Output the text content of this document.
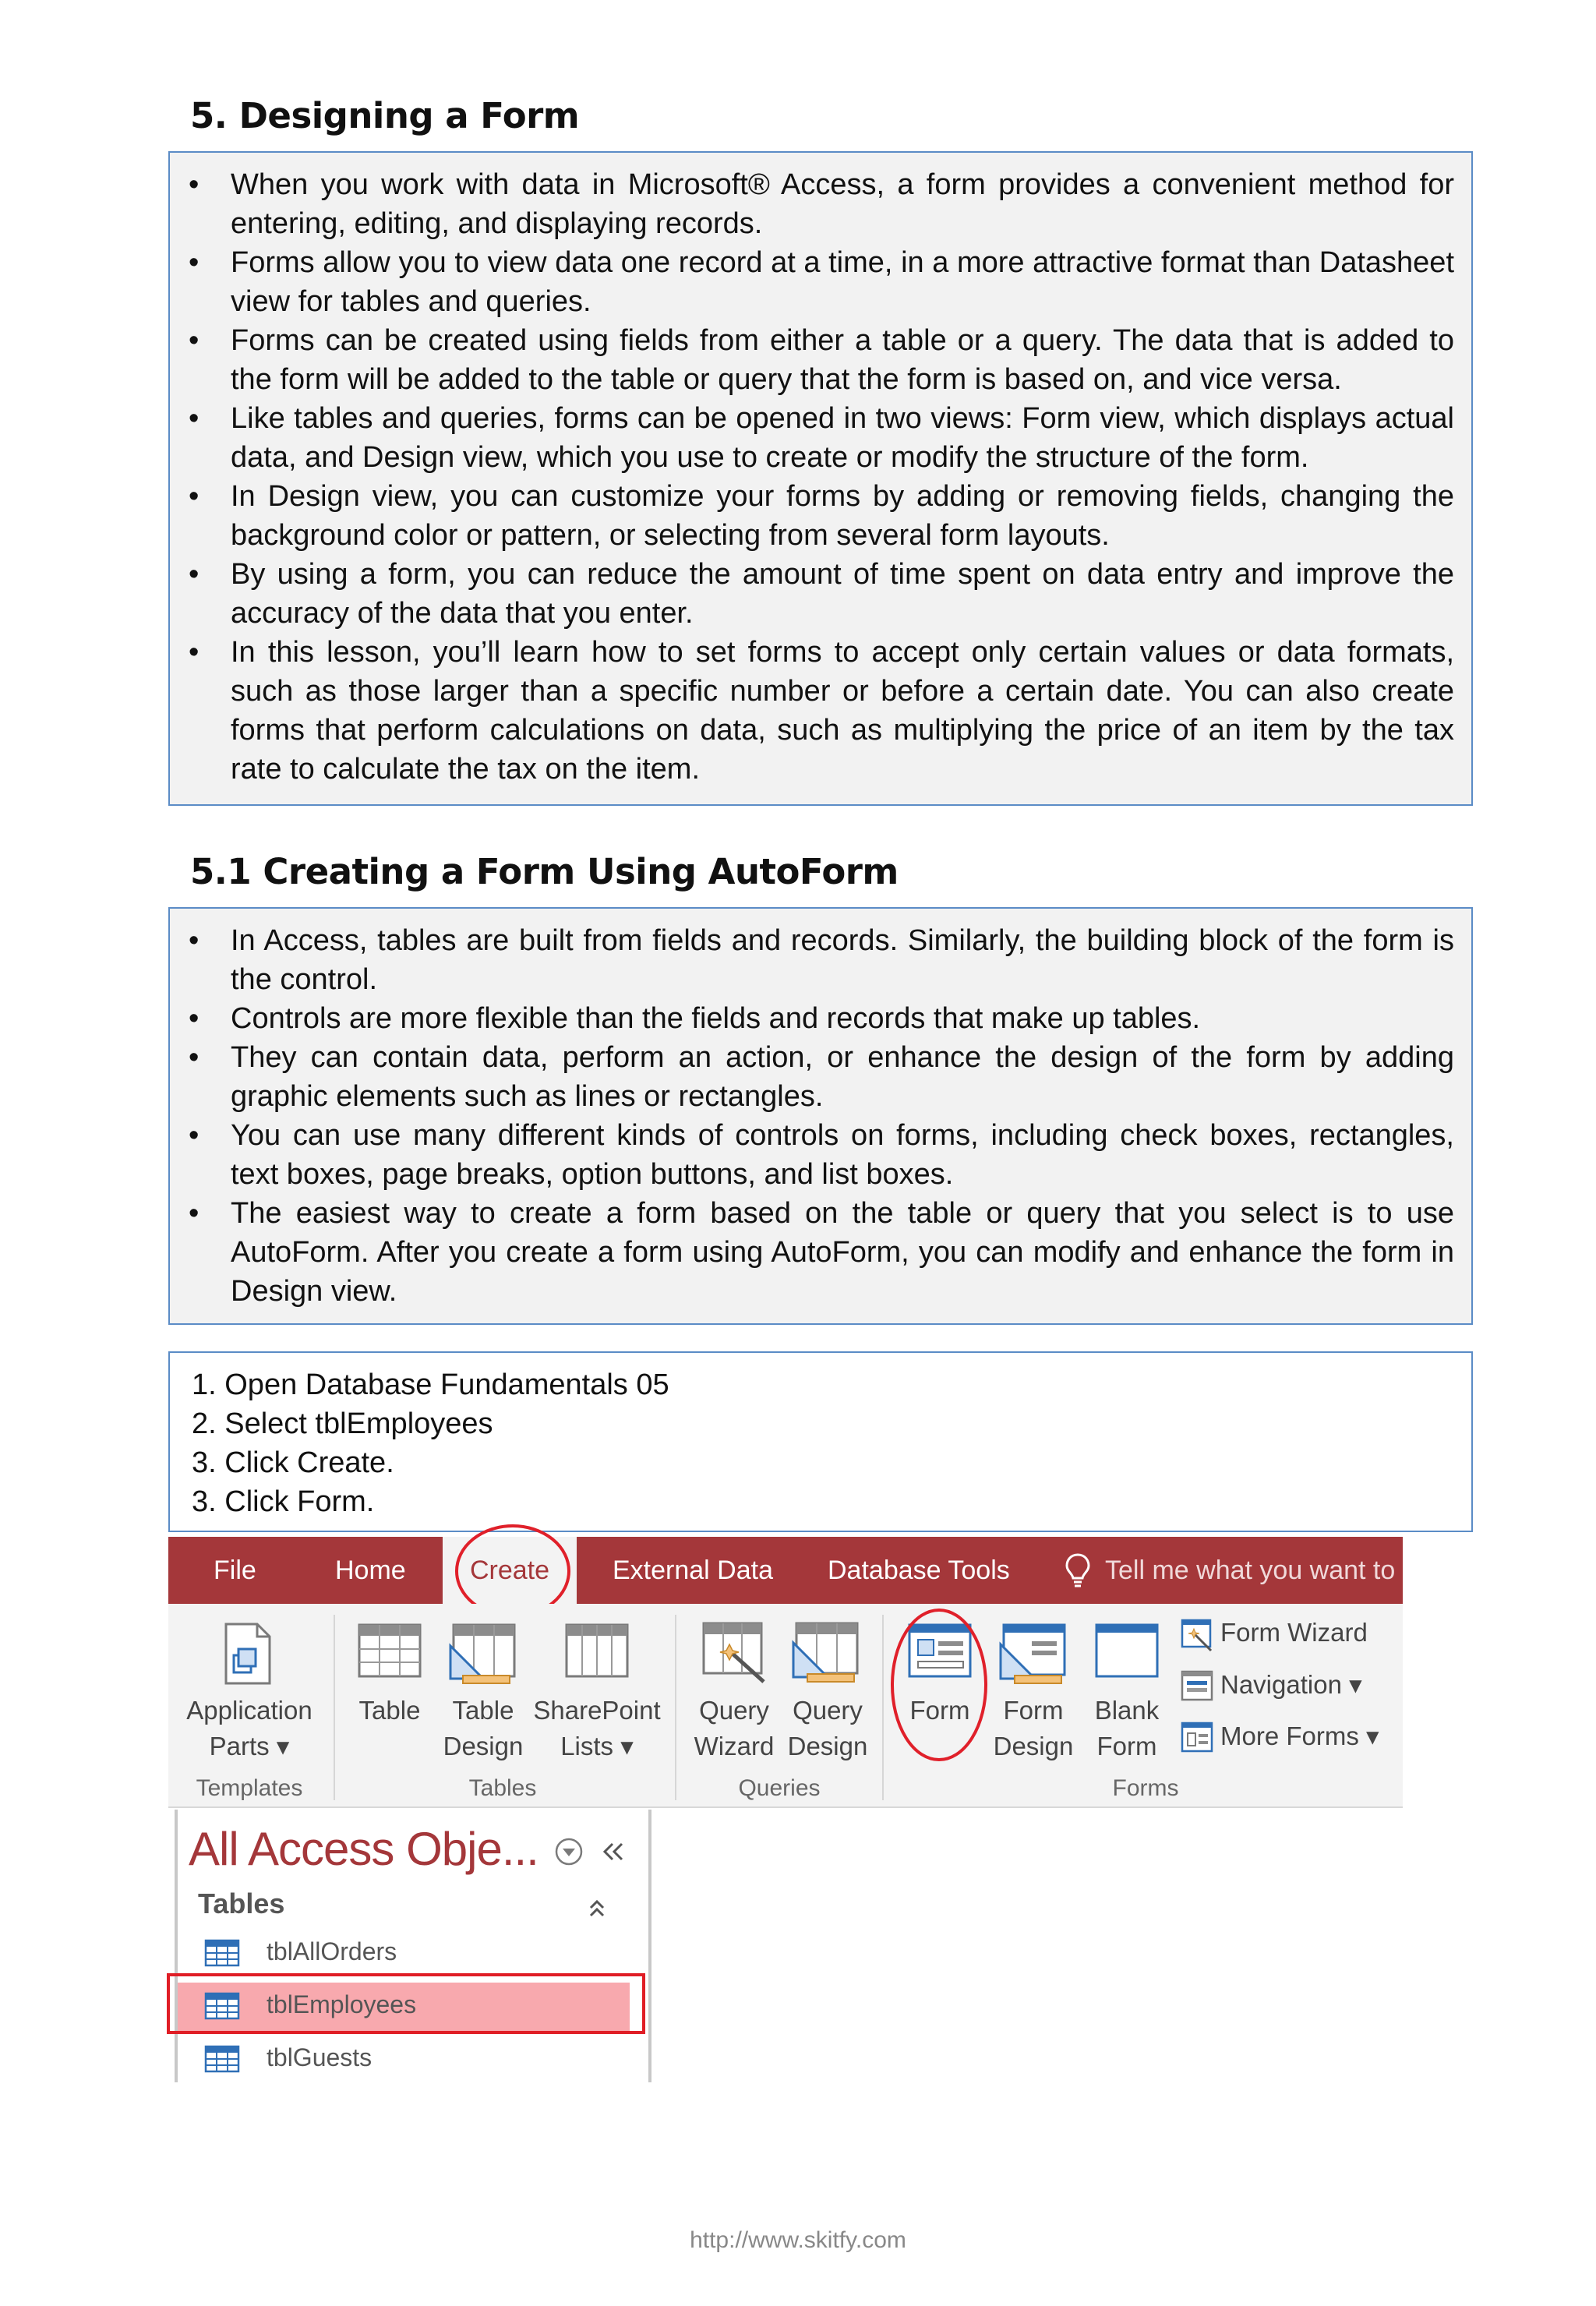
5. Designing a Form
• When you work with data in Microsoft® Access, a form provides a convenient method for entering, editing, and displaying records.
• Forms allow you to view data one record at a time, in a more attractive format than Datasheet view for tables and queries.
• Forms can be created using fields from either a table or a query. The data that is added to the form will be added to the table or query that the form is based on, and vice versa.
• Like tables and queries, forms can be opened in two views: Form view, which displays actual data, and Design view, which you use to create or modify the structure of the form.
• In Design view, you can customize your forms by adding or removing fields, changing the background color or pattern, or selecting from several form layouts.
• By using a form, you can reduce the amount of time spent on data entry and improve the accuracy of the data that you enter.
• In this lesson, you’ll learn how to set forms to accept only certain values or data formats, such as those larger than a specific number or before a certain date. You can also create forms that perform calculations on data, such as multiplying the price of an item by the tax rate to calculate the tax on the item.
5.1 Creating a Form Using AutoForm
• In Access, tables are built from fields and records. Similarly, the building block of the form is the control.
• Controls are more flexible than the fields and records that make up tables.
• They can contain data, perform an action, or enhance the design of the form by adding graphic elements such as lines or rectangles.
• You can use many different kinds of controls on forms, including check boxes, rectangles, text boxes, page breaks, option buttons, and list boxes.
• The easiest way to create a form based on the table or query that you select is to use AutoForm. After you create a form using AutoForm, you can modify and enhance the form in Design view.
1. Open Database Fundamentals 05
2. Select tblEmployees
3. Click Create.
3. Click Form.
File	Home	Create	External Data Database Tools	Tell me what you want to
Application
Parts ▾
Templates
Table	Table
Design
SharePoint
Lists ▾
Tables
Query
Wizard
Query
Design
Queries
Form	Form
Design
Blank
Form
Form Wizard
Navigation ▾
More Forms ▾
Forms
All Access Obje...
Tables
tblAllOrders
tblEmployees
tblGuests
http://www.skitfy.com
